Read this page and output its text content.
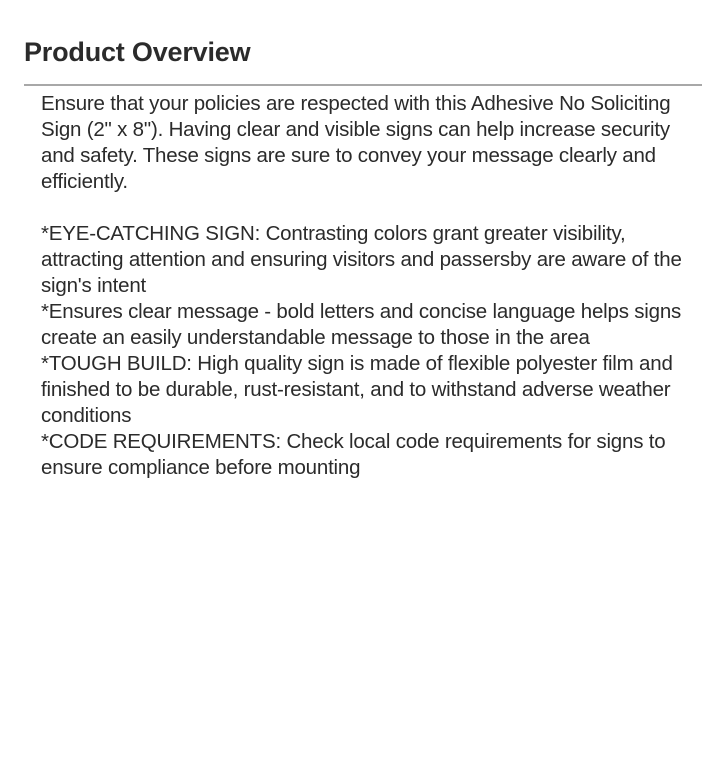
Product Overview

Ensure that your policies are respected with this Adhesive No Soliciting Sign (2" x 8"). Having clear and visible signs can help increase security and safety. These signs are sure to convey your message clearly and efficiently.

*EYE-CATCHING SIGN: Contrasting colors grant greater visibility, attracting attention and ensuring visitors and passersby are aware of the sign's intent

*Ensures clear message - bold letters and concise language helps signs create an easily understandable message to those in the area

*TOUGH BUILD: High quality sign is made of flexible polyester film and finished to be durable, rust-resistant, and to withstand adverse weather conditions

*CODE REQUIREMENTS: Check local code requirements for signs to ensure compliance before mounting
